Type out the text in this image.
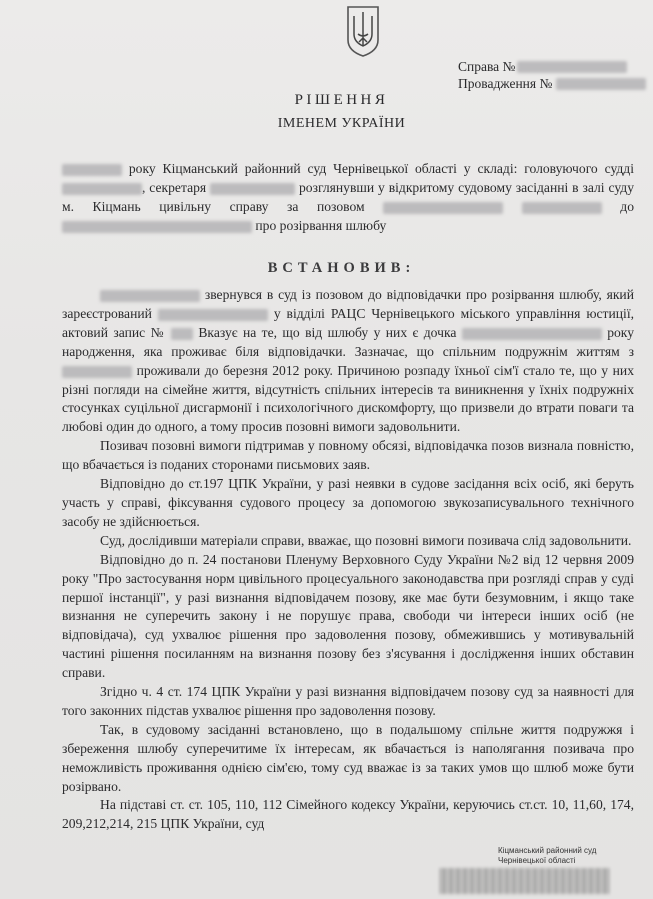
Справа №
Провадження №
РІШЕННЯ
ІМЕНЕМ УКРАЇНИ

року Кіцманський районний суд Чернівецької області у складі: головуючого судді , секретаря	розглянувши у відкритому судовому засіданні в залі суду м. Кіцмань цивільну справу за позовом	до  про розірвання шлюбу

ВСТАНОВИВ:

звернувся в суд із позовом до відповідачки про розірвання шлюбу, який зареєстрований	у відділі РАЦС Чернівецького міського управління юстиції, актовий запис № Вказує на те, що від шлюбу у них є дочка	року народження, яка проживає біля відповідачки. Зазначає, що спільним подружнім життям з  проживали до березня 2012 року. Причиною розпаду їхньої сім'ї стало те, що у них різні погляди на сімейне життя, відсутність спільних інтересів та виникнення у їхніх подружніх стосунках суцільної дисгармонії і психологічного дискомфорту, що призвели до втрати поваги та любові один до одного, а тому просив позовні вимоги задовольнити.

Позивач позовні вимоги підтримав у повному обсязі, відповідачка позов визнала повністю, що вбачається із поданих сторонами письмових заяв.

Відповідно до ст.197 ЦПК України, у разі неявки в судове засідання всіх осіб, які беруть участь у справі, фіксування судового процесу за допомогою звукозаписувального технічного засобу не здійснюється.

Суд, дослідивши матеріали справи, вважає, що позовні вимоги позивача слід задовольнити.

Відповідно до п. 24 постанови Пленуму Верховного Суду України №2 від 12 червня 2009 року "Про застосування норм цивільного процесуального законодавства при розгляді справ у суді першої інстанції", у разі визнання відповідачем позову, яке має бути безумовним, і якщо таке визнання не суперечить закону і не порушує права, свободи чи інтереси інших осіб (не відповідача), суд ухвалює рішення про задоволення позову, обмежившись у мотивувальній частині рішення посиланням на визнання позову без з'ясування і дослідження інших обставин справи.

Згідно ч. 4 ст. 174 ЦПК України у разі визнання відповідачем позову суд за наявності для того законних підстав ухвалює рішення про задоволення позову.

Так, в судовому засіданні встановлено, що в подальшому спільне життя подружжя і збереження шлюбу суперечитиме їх інтересам, як вбачається із наполягання позивача про неможливість проживання однією сім'єю, тому суд вважає із за таких умов що шлюб може бути розірвано.

На підставі ст. ст. 105, 110, 112 Сімейного кодексу України, керуючись ст.ст. 10, 11,60, 174, 209,212,214, 215 ЦПК України, суд

Кіцманський районний суд
Чернівецької області
